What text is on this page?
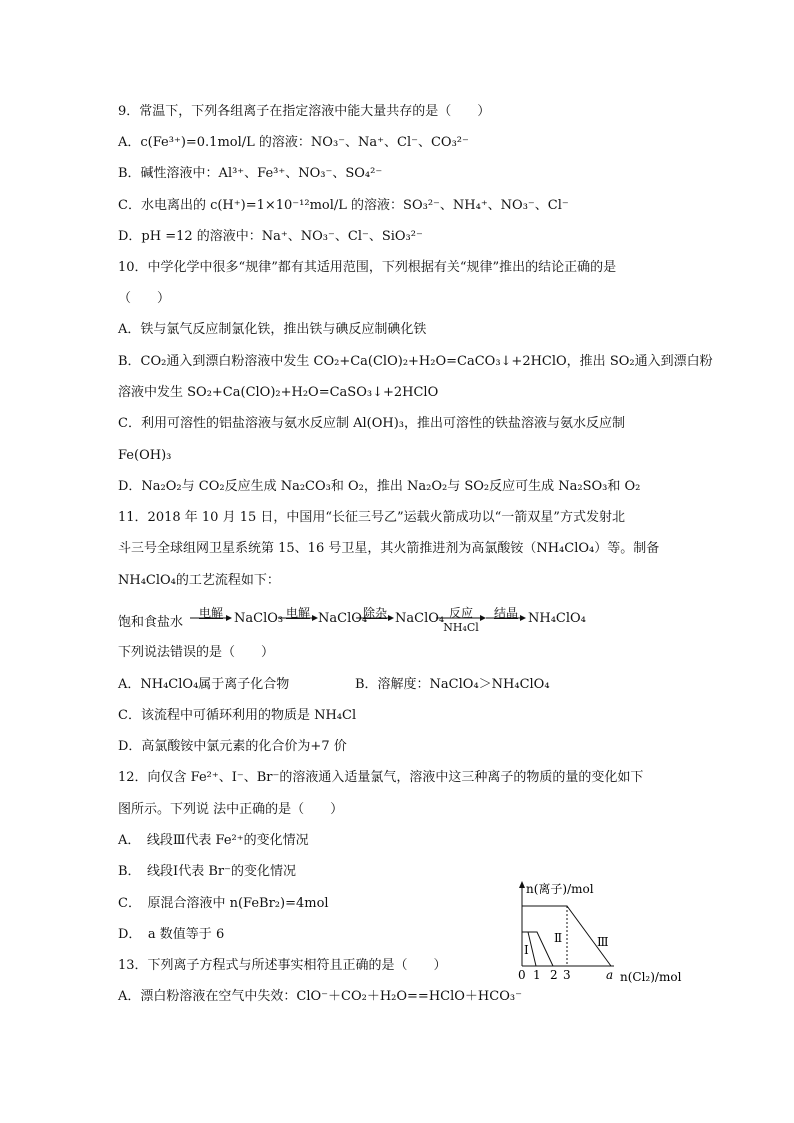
9．常温下，下列各组离子在指定溶液中能大量共存的是（　　）
A．c(Fe³⁺)=0.1mol/L 的溶液：NO₃⁻、Na⁺、Cl⁻、CO₃²⁻
B．碱性溶液中：Al³⁺、Fe³⁺、NO₃⁻、SO₄²⁻
C．水电离出的 c(H⁺)=1×10⁻¹²mol/L 的溶液：SO₃²⁻、NH₄⁺、NO₃⁻、Cl⁻
D．pH =12 的溶液中：Na⁺、NO₃⁻、Cl⁻、SiO₃²⁻
10．中学化学中很多“规律”都有其适用范围，下列根据有关“规律”推出的结论正确的是
（　　）
A．铁与氯气反应制氯化铁，推出铁与碘反应制碘化铁
B．CO₂通入到漂白粉溶液中发生 CO₂+Ca(ClO)₂+H₂O=CaCO₃↓+2HClO，推出 SO₂通入到漂白粉
溶液中发生 SO₂+Ca(ClO)₂+H₂O=CaSO₃↓+2HClO
C．利用可溶性的铝盐溶液与氨水反应制 Al(OH)₃，推出可溶性的铁盐溶液与氨水反应制
Fe(OH)₃
D．Na₂O₂与 CO₂反应生成 Na₂CO₃和 O₂，推出 Na₂O₂与 SO₂反应可生成 Na₂SO₃和 O₂
11．2018 年 10 月 15 日，中国用“长征三号乙”运载火箭成功以“一箭双星”方式发射北
斗三号全球组网卫星系统第 15、16 号卫星，其火箭推进剂为高氯酸铵（NH₄ClO₄）等。制备
NH₄ClO₄的工艺流程如下：
饱和食盐水
电解 NaClO₃ 电解 NaClO₄
除杂 NaClO₄ 反应
NH₄Cl
结晶 NH₄ClO₄
下列说法错误的是（　　）
A．NH₄ClO₄属于离子化合物	B．溶解度：NaClO₄＞NH₄ClO₄
C．该流程中可循环利用的物质是 NH₄Cl
D．高氯酸铵中氯元素的化合价为+7 价
12．向仅含 Fe²⁺、I⁻、Br⁻的溶液通入适量氯气，溶液中这三种离子的物质的量的变化如下
图所示。下列说 法中正确的是（　　）
A．　线段Ⅲ代表 Fe²⁺的变化情况
B．　线段Ⅰ代表 Br⁻的变化情况
C．　原混合溶液中 n(FeBr₂)=4mol
D．　a 数值等于 6
n(离子)/mol
n(Cl₂)/mol
Ⅰ
Ⅱ	Ⅲ
0 1 2 3	a
13．下列离子方程式与所述事实相符且正确的是（　　）
A．漂白粉溶液在空气中失效：ClO⁻＋CO₂＋H₂O==HClO＋HCO₃⁻
